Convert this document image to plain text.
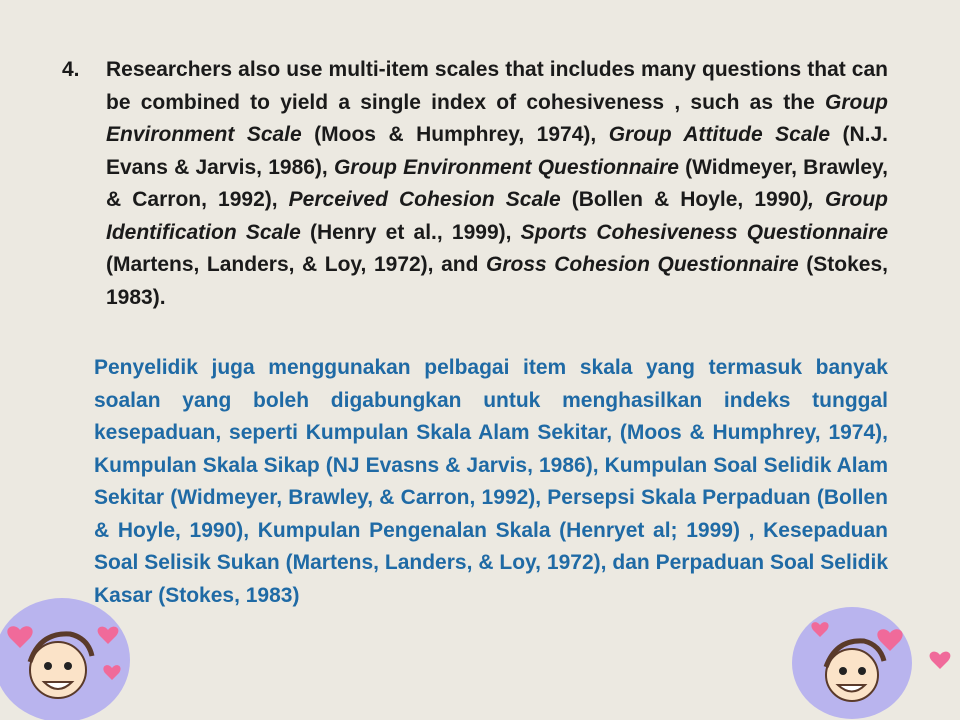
4. Researchers also use multi-item scales that includes many questions that can be combined to yield a single index of cohesiveness , such as the Group Environment Scale (Moos & Humphrey, 1974), Group Attitude Scale (N.J. Evans & Jarvis, 1986), Group Environment Questionnaire (Widmeyer, Brawley, & Carron, 1992), Perceived Cohesion Scale (Bollen & Hoyle, 1990), Group Identification Scale (Henry et al., 1999), Sports Cohesiveness Questionnaire (Martens, Landers, & Loy, 1972), and Gross Cohesion Questionnaire (Stokes, 1983).

Penyelidik juga menggunakan pelbagai item skala yang termasuk banyak soalan yang boleh digabungkan untuk menghasilkan indeks tunggal kesepaduan, seperti Kumpulan Skala Alam Sekitar, (Moos & Humphrey, 1974), Kumpulan Skala Sikap (NJ Evasns & Jarvis, 1986), Kumpulan Soal Selidik Alam Sekitar (Widmeyer, Brawley, & Carron, 1992), Persepsi Skala Perpaduan (Bollen & Hoyle, 1990), Kumpulan Pengenalan Skala (Henryet al; 1999) , Kesepaduan Soal Selisik Sukan (Martens, Landers, & Loy, 1972), dan Perpaduan Soal Selidik Kasar (Stokes, 1983)
